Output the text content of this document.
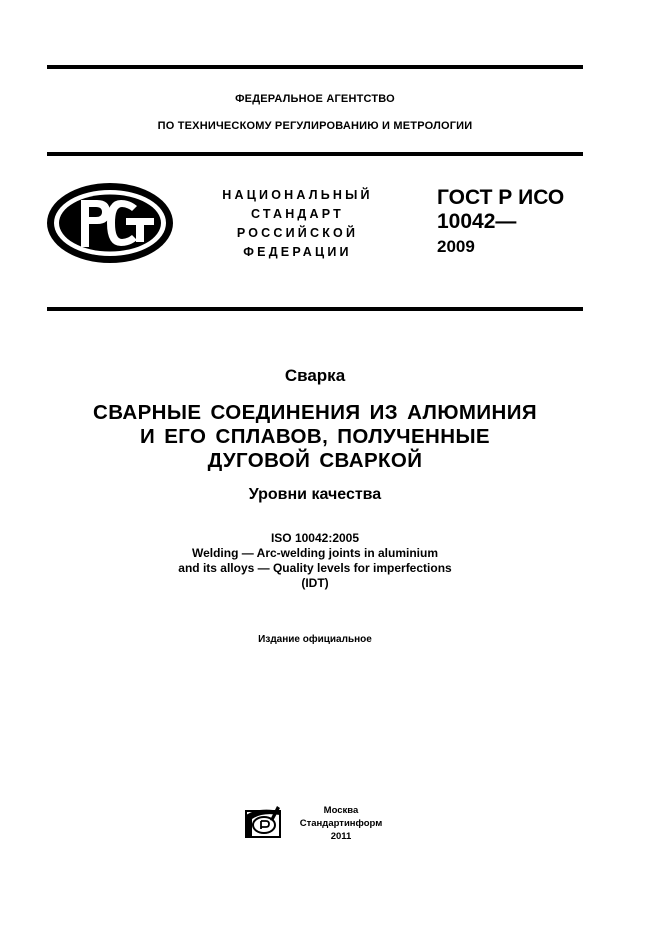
ФЕДЕРАЛЬНОЕ АГЕНТСТВО
ПО ТЕХНИЧЕСКОМУ РЕГУЛИРОВАНИЮ И МЕТРОЛОГИИ
НАЦИОНАЛЬНЫЙ
СТАНДАРТ
РОССИЙСКОЙ
ФЕДЕРАЦИИ
ГОСТ Р ИСО
10042—
2009
Сварка
СВАРНЫЕ СОЕДИНЕНИЯ ИЗ АЛЮМИНИЯ
И ЕГО СПЛАВОВ, ПОЛУЧЕННЫЕ
ДУГОВОЙ СВАРКОЙ
Уровни качества
ISO 10042:2005
Welding — Arc-welding joints in aluminium
and its alloys — Quality levels for imperfections
(IDT)
Издание официальное
Москва
Стандартинформ
2011
